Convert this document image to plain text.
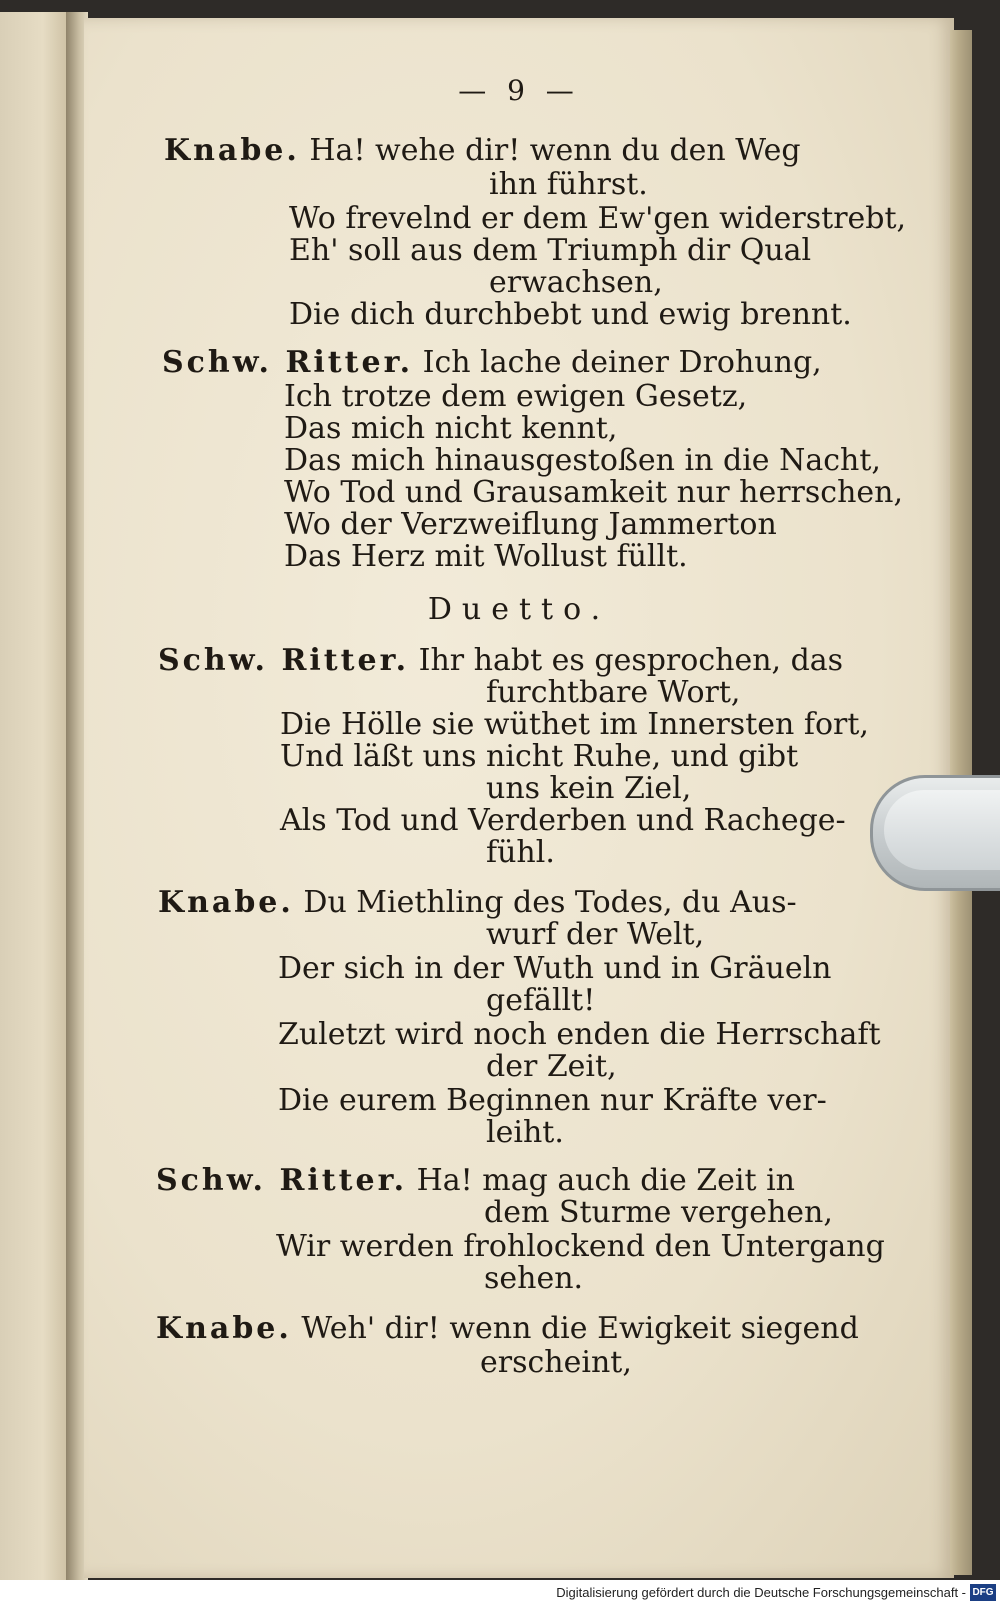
— 9 —
Knabe. Ha! wehe dir! wenn du den Weg
ihn führst.
Wo frevelnd er dem Ew'gen widerstrebt,
Eh' soll aus dem Triumph dir Qual
erwachsen,
Die dich durchbebt und ewig brennt.
Schw. Ritter. Ich lache deiner Drohung,
Ich trotze dem ewigen Gesetz,
Das mich nicht kennt,
Das mich hinausgestoßen in die Nacht,
Wo Tod und Grausamkeit nur herrschen,
Wo der Verzweiflung Jammerton
Das Herz mit Wollust füllt.
Duetto.
Schw. Ritter. Ihr habt es gesprochen, das
furchtbare Wort,
Die Hölle sie wüthet im Innersten fort,
Und läßt uns nicht Ruhe, und gibt
uns kein Ziel,
Als Tod und Verderben und Rachege-
fühl.
Knabe. Du Miethling des Todes, du Aus-
wurf der Welt,
Der sich in der Wuth und in Gräueln
gefällt!
Zuletzt wird noch enden die Herrschaft
der Zeit,
Die eurem Beginnen nur Kräfte ver-
leiht.
Schw. Ritter. Ha! mag auch die Zeit in
dem Sturme vergehen,
Wir werden frohlockend den Untergang
sehen.
Knabe. Weh' dir! wenn die Ewigkeit siegend
erscheint,
Digitalisierung gefördert durch die Deutsche Forschungsgemeinschaft - DFG
